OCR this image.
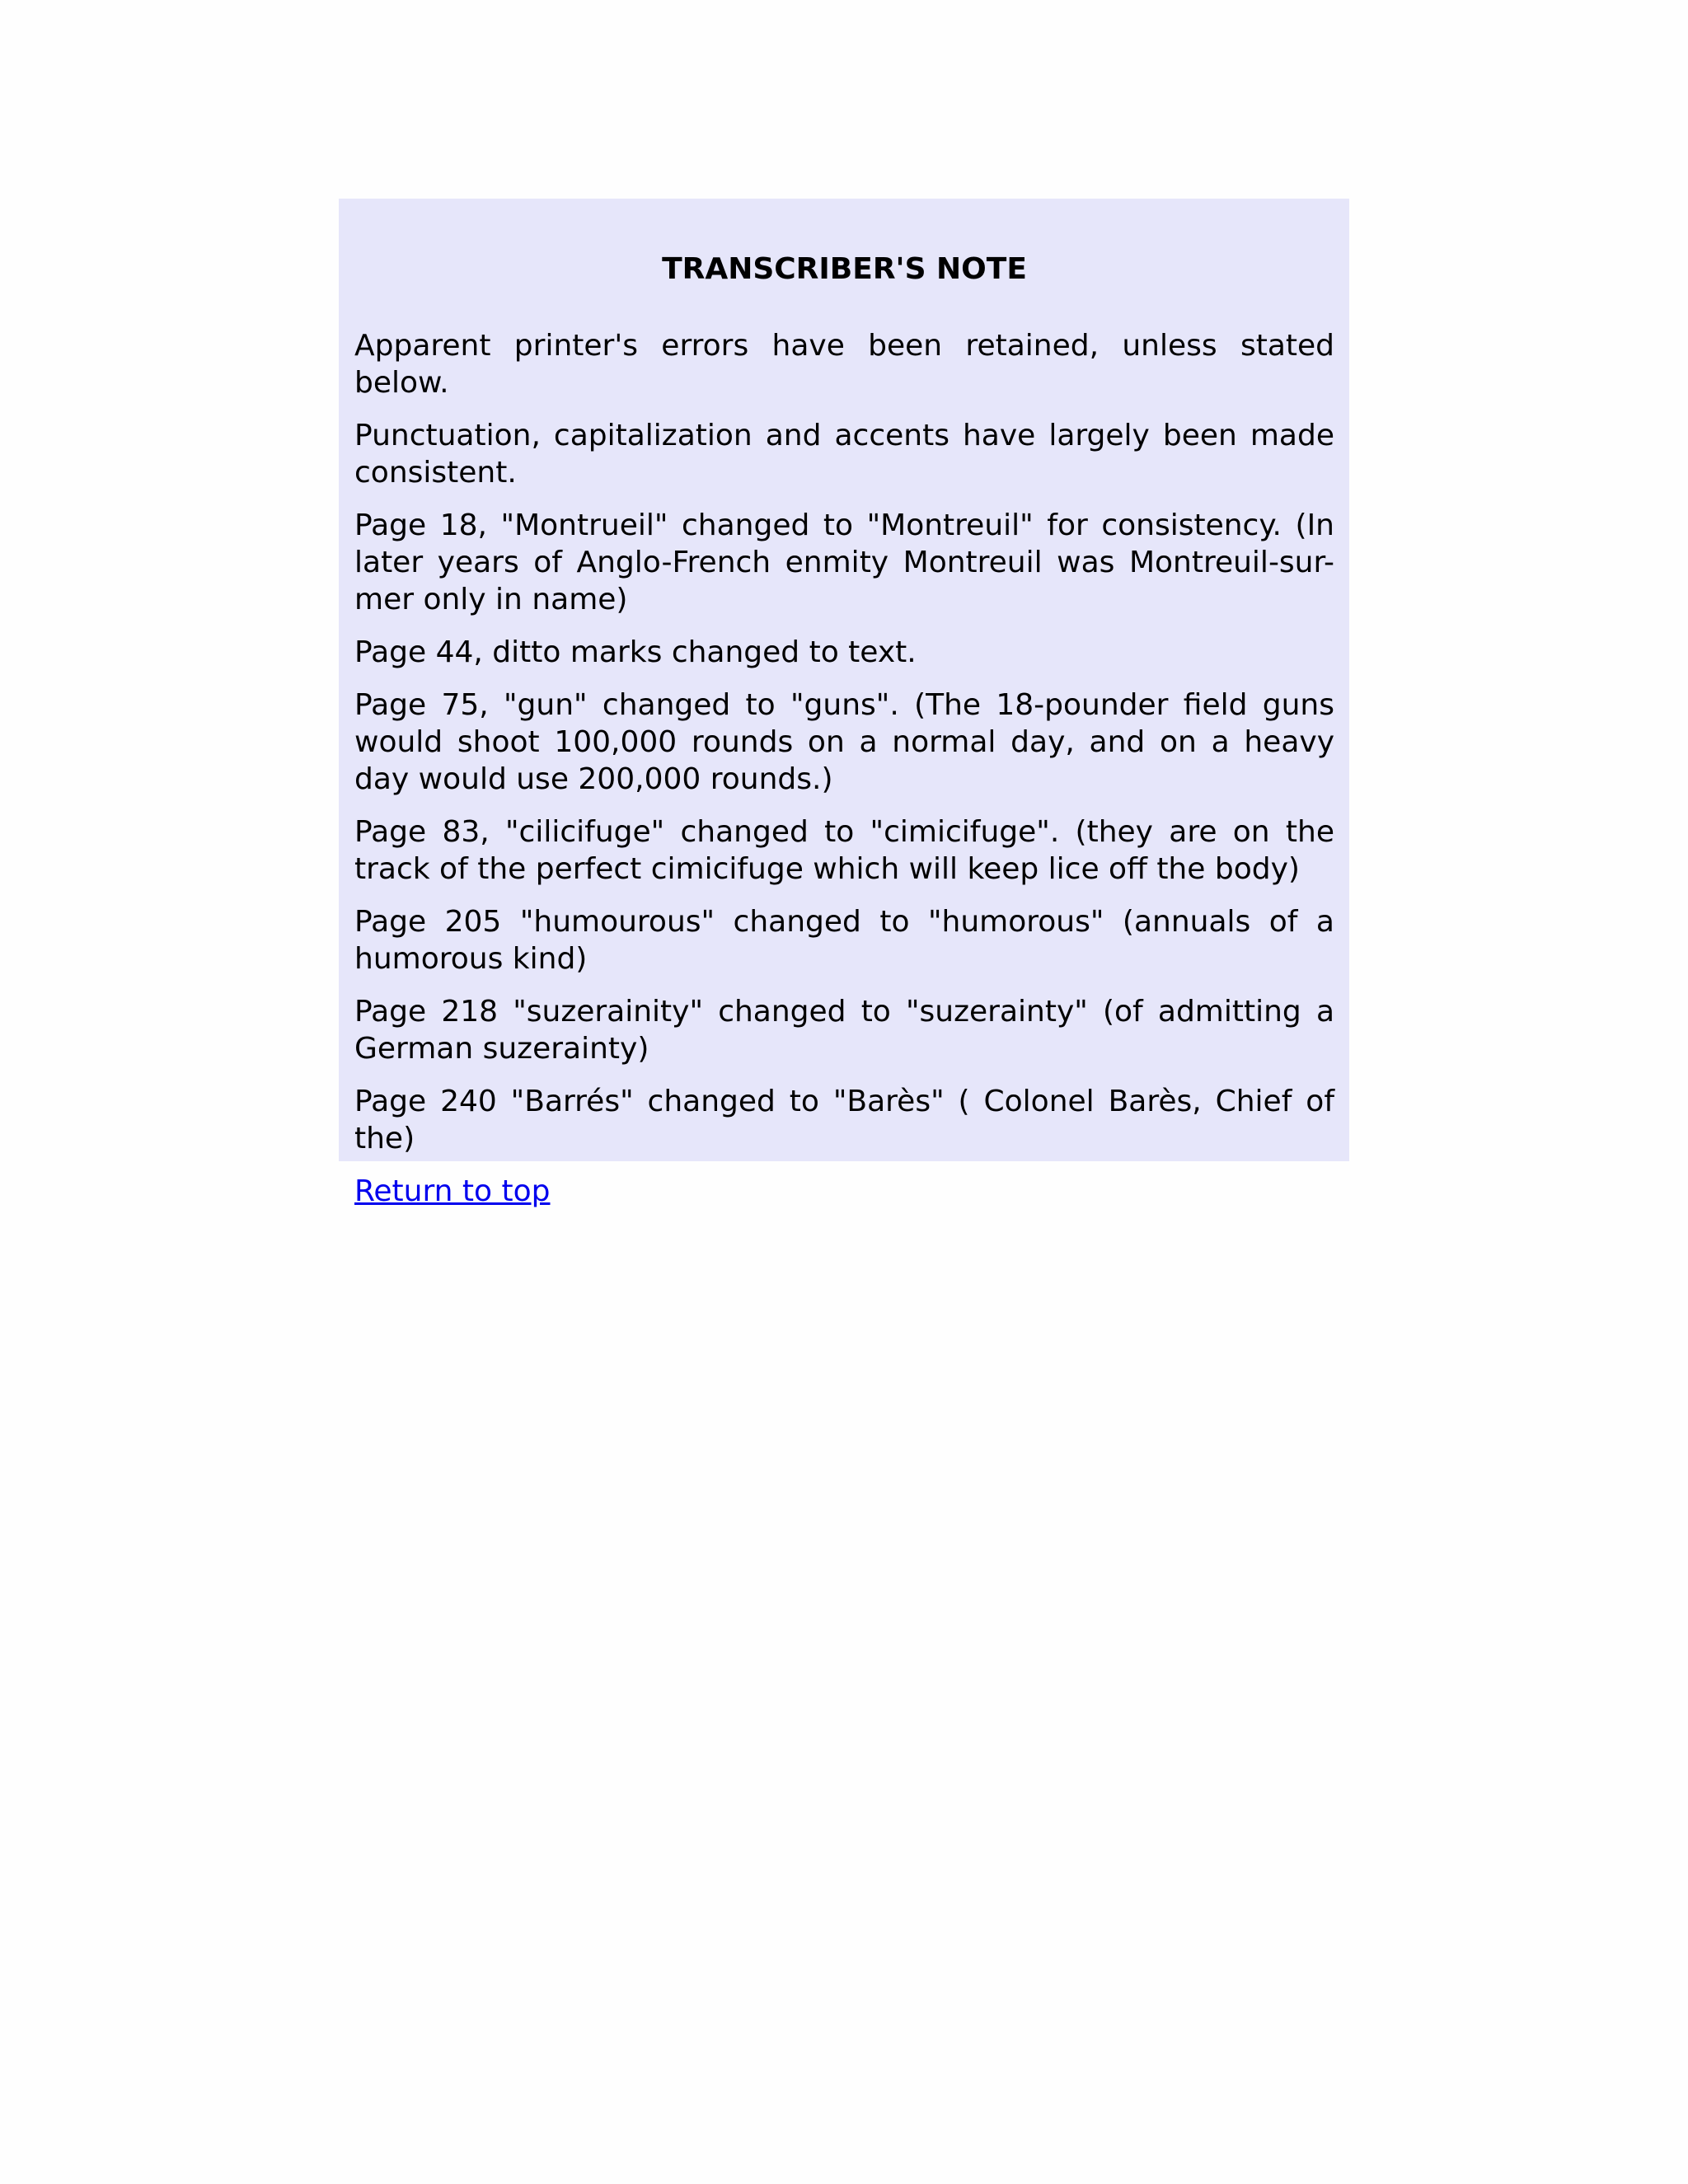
TRANSCRIBER'S NOTE

Apparent printer's errors have been retained, unless stated below.

Punctuation, capitalization and accents have largely been made consistent.

Page 18, "Montrueil" changed to "Montreuil" for consistency. (In later years of Anglo-French enmity Montreuil was Montreuil-sur-mer only in name)

Page 44, ditto marks changed to text.

Page 75, "gun" changed to "guns". (The 18-pounder field guns would shoot 100,000 rounds on a normal day, and on a heavy day would use 200,000 rounds.)

Page 83, "cilicifuge" changed to "cimicifuge". (they are on the track of the perfect cimicifuge which will keep lice off the body)

Page 205 "humourous" changed to "humorous" (annuals of a humorous kind)

Page 218 "suzerainity" changed to "suzerainty" (of admitting a German suzerainty)

Page 240 "Barrés" changed to "Barès" ( Colonel Barès, Chief of the)

Return to top
